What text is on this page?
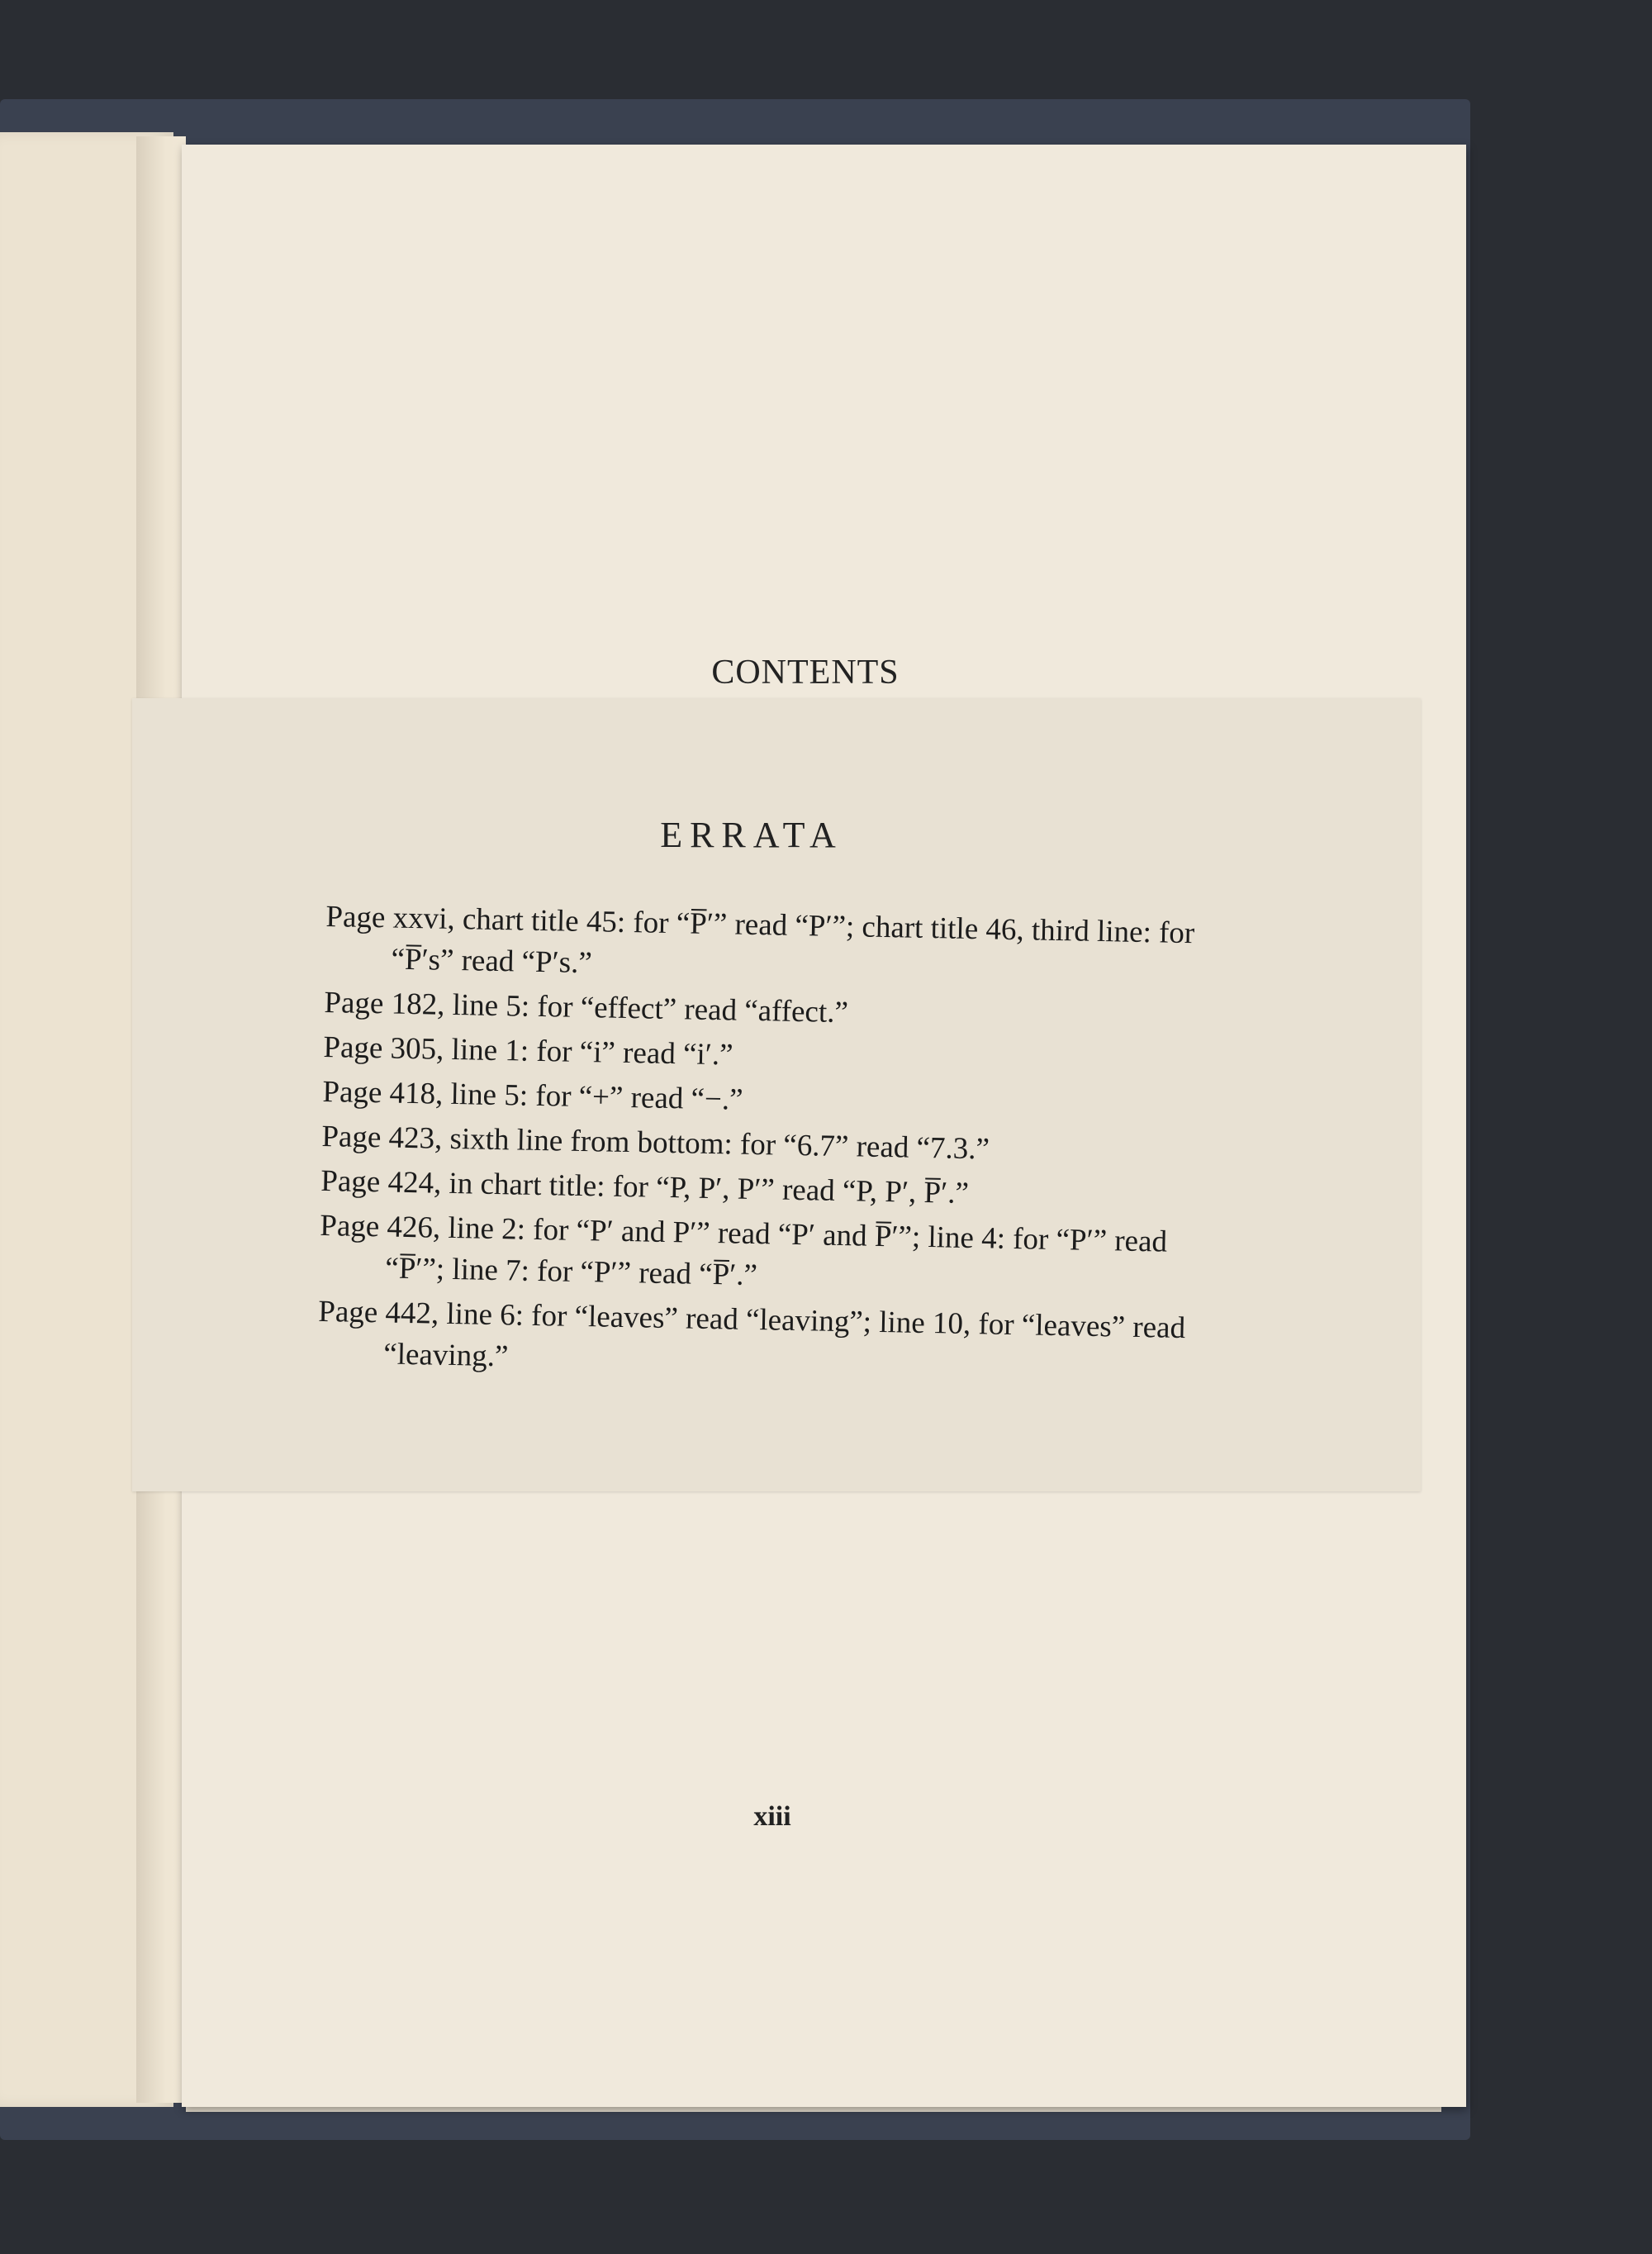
CONTENTS
ERRATA

Page xxvi, chart title 45: for “P̅′” read “P′”; chart title 46, third line: for “P̅′s” read “P′s.”

Page 182, line 5: for “effect” read “affect.”

Page 305, line 1: for “i” read “i′.”

Page 418, line 5: for “+” read “−.”

Page 423, sixth line from bottom: for “6.7” read “7.3.”

Page 424, in chart title: for “P, P′, P′” read “P, P′, P̅′.”

Page 426, line 2: for “P′ and P′” read “P′ and P̅′”; line 4: for “P′” read “P̅′”; line 7: for “P′” read “P̅′.”

Page 442, line 6: for “leaves” read “leaving”; line 10, for “leaves” read “leaving.”

xiii
